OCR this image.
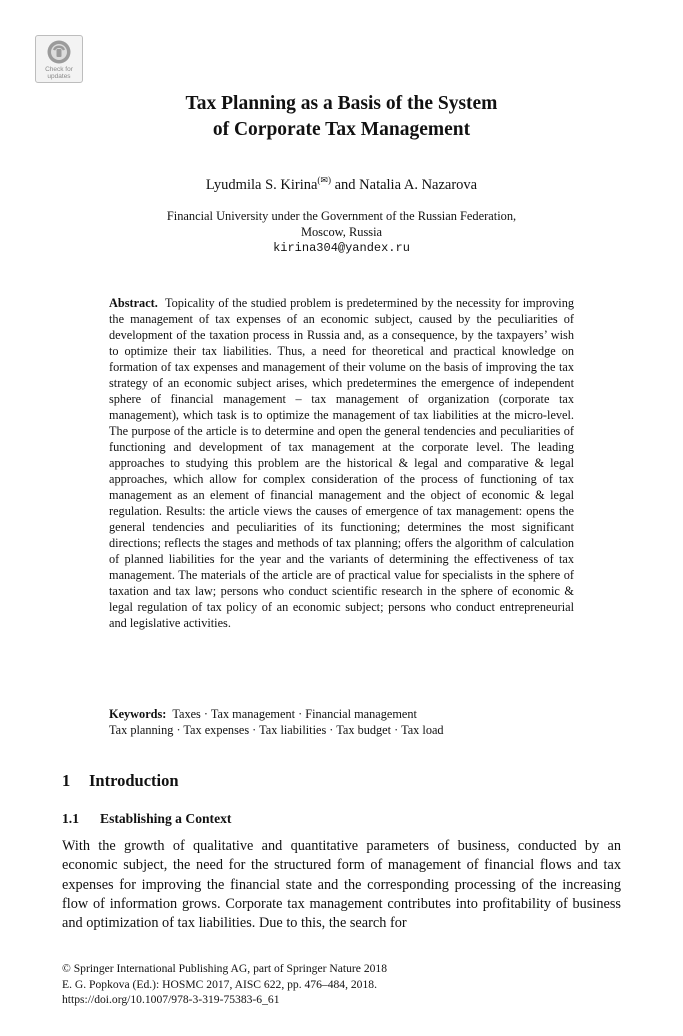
Check for
updates
Tax Planning as a Basis of the System
of Corporate Tax Management
Lyudmila S. Kirina(✉) and Natalia A. Nazarova
Financial University under the Government of the Russian Federation,
Moscow, Russia
kirina304@yandex.ru
Abstract. Topicality of the studied problem is predetermined by the necessity for improving the management of tax expenses of an economic subject, caused by the peculiarities of development of the taxation process in Russia and, as a consequence, by the taxpayers’ wish to optimize their tax liabilities. Thus, a need for theoretical and practical knowledge on formation of tax expenses and management of their volume on the basis of improving the tax strategy of an economic subject arises, which predetermines the emergence of independent sphere of financial management – tax management of organization (corporate tax management), which task is to optimize the management of tax liabilities at the micro-level. The purpose of the article is to determine and open the general tendencies and peculiarities of functioning and development of tax management at the corporate level. The leading approaches to studying this problem are the historical & legal and comparative & legal approaches, which allow for complex consideration of the process of functioning of tax management as an element of financial management and the object of economic & legal regulation. Results: the article views the causes of emergence of tax management: opens the general tendencies and peculiarities of its functioning; determines the most significant directions; reflects the stages and methods of tax planning; offers the algorithm of calculation of planned liabilities for the year and the variants of determining the effectiveness of tax management. The materials of the article are of practical value for specialists in the sphere of taxation and tax law; persons who conduct scientific research in the sphere of economic & legal regulation of tax policy of an economic subject; persons who conduct entrepreneurial and legislative activities.
Keywords: Taxes · Tax management · Financial management
Tax planning · Tax expenses · Tax liabilities · Tax budget · Tax load
1 Introduction
1.1 Establishing a Context
With the growth of qualitative and quantitative parameters of business, conducted by an economic subject, the need for the structured form of management of financial flows and tax expenses for improving the financial state and the corresponding processing of the increasing flow of information grows. Corporate tax management contributes into profitability of business and optimization of tax liabilities. Due to this, the search for
© Springer International Publishing AG, part of Springer Nature 2018
E. G. Popkova (Ed.): HOSMC 2017, AISC 622, pp. 476–484, 2018.
https://doi.org/10.1007/978-3-319-75383-6_61
